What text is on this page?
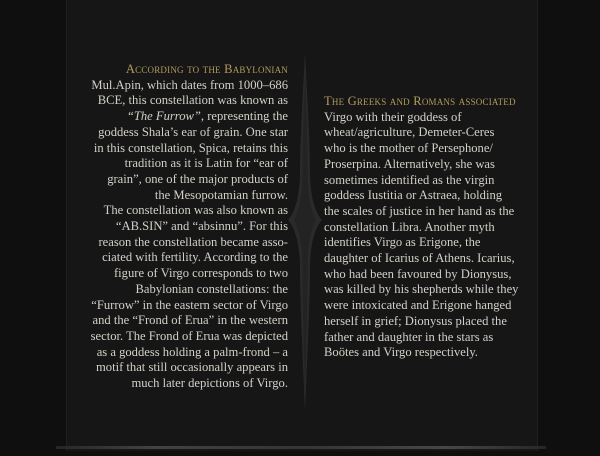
According to the Babylonian
Mul.Apin, which dates from 1000–686
BCE, this constellation was known as
“The Furrow”, representing the
goddess Shala’s ear of grain. One star
in this constellation, Spica, retains this
tradition as it is Latin for “ear of
grain”, one of the major products of
the Mesopotamian furrow.
The constellation was also known as
“AB.SIN” and “absinnu”. For this
reason the constellation became asso-
ciated with fertility. According to the
figure of Virgo corresponds to two
Babylonian constellations: the
“Furrow” in the eastern sector of Virgo
and the “Frond of Erua” in the western
sector. The Frond of Erua was depicted
as a goddess holding a palm-frond – a
motif that still occasionally appears in
much later depictions of Virgo.
The Greeks and Romans associated
Virgo with their goddess of
wheat/agriculture, Demeter-Ceres
who is the mother of Persephone/
Proserpina. Alternatively, she was
sometimes identified as the virgin
goddess Iustitia or Astraea, holding
the scales of justice in her hand as the
constellation Libra. Another myth
identifies Virgo as Erigone, the
daughter of Icarius of Athens. Icarius,
who had been favoured by Dionysus,
was killed by his shepherds while they
were intoxicated and Erigone hanged
herself in grief; Dionysus placed the
father and daughter in the stars as
Boötes and Virgo respectively.
